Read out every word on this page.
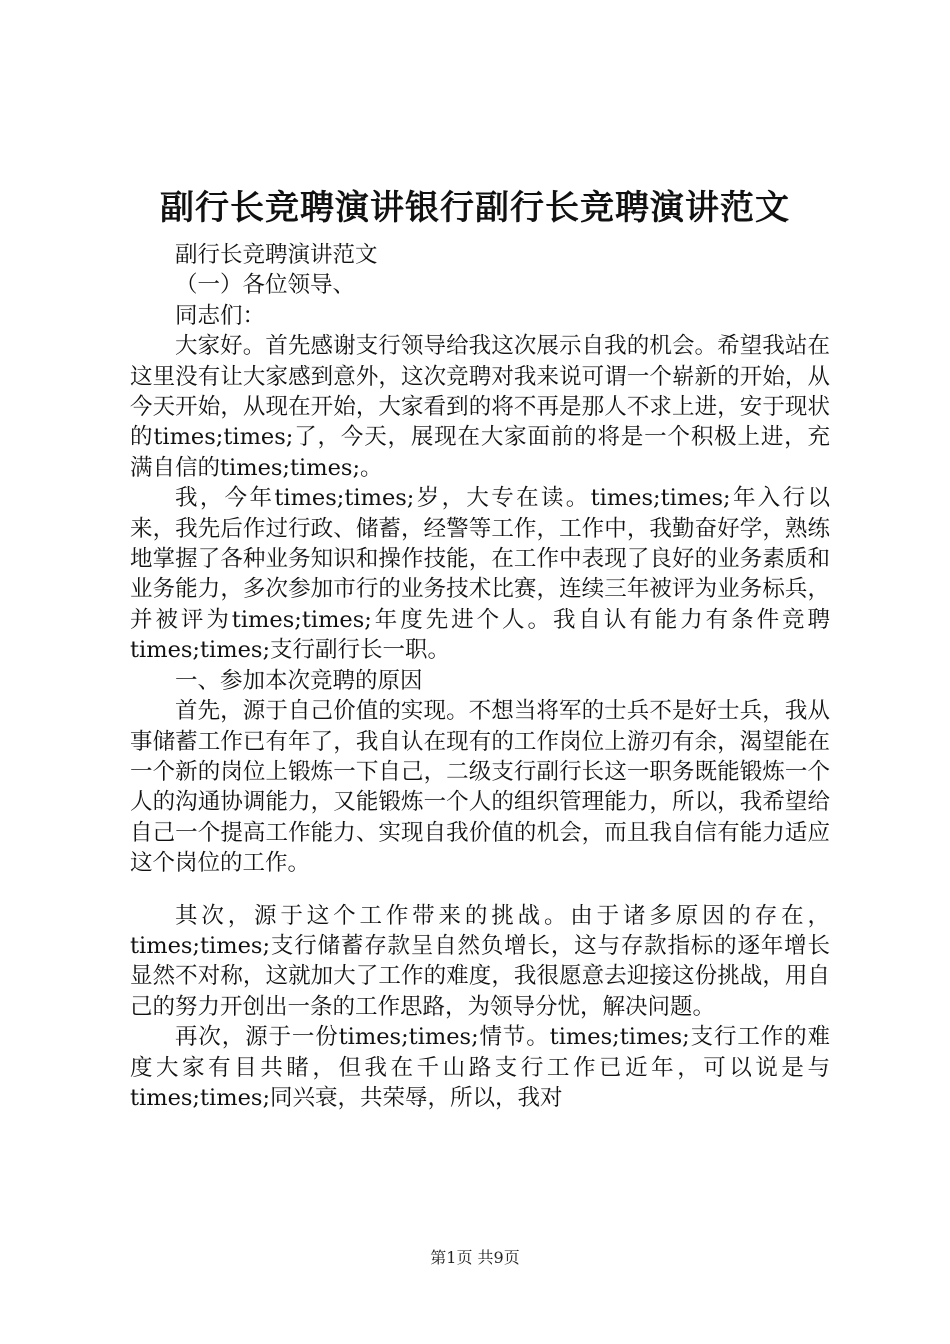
副行长竞聘演讲银行副行长竞聘演讲范文

副行长竞聘演讲范文

（一）各位领导、

同志们：

大家好。首先感谢支行领导给我这次展示自我的机会。希望我站在这里没有让大家感到意外，这次竞聘对我来说可谓一个崭新的开始，从今天开始，从现在开始，大家看到的将不再是那人不求上进，安于现状的times;times;了，今天，展现在大家面前的将是一个积极上进，充满自信的times;times;。

我，今年times;times;岁，大专在读。times;times;年入行以来，我先后作过行政、储蓄，经警等工作，工作中，我勤奋好学，熟练地掌握了各种业务知识和操作技能，在工作中表现了良好的业务素质和业务能力，多次参加市行的业务技术比赛，连续三年被评为业务标兵，并被评为times;times;年度先进个人。我自认有能力有条件竞聘times;times;支行副行长一职。

一、参加本次竞聘的原因

首先，源于自己价值的实现。不想当将军的士兵不是好士兵，我从事储蓄工作已有年了，我自认在现有的工作岗位上游刃有余，渴望能在一个新的岗位上锻炼一下自己，二级支行副行长这一职务既能锻炼一个人的沟通协调能力，又能锻炼一个人的组织管理能力，所以，我希望给自己一个提高工作能力、实现自我价值的机会，而且我自信有能力适应这个岗位的工作。

其次，源于这个工作带来的挑战。由于诸多原因的存在，times;times;支行储蓄存款呈自然负增长，这与存款指标的逐年增长显然不对称，这就加大了工作的难度，我很愿意去迎接这份挑战，用自己的努力开创出一条的工作思路，为领导分忧，解决问题。

再次，源于一份times;times;情节。times;times;支行工作的难度大家有目共睹，但我在千山路支行工作已近年，可以说是与times;times;同兴衰，共荣辱，所以，我对

第1页 共9页
